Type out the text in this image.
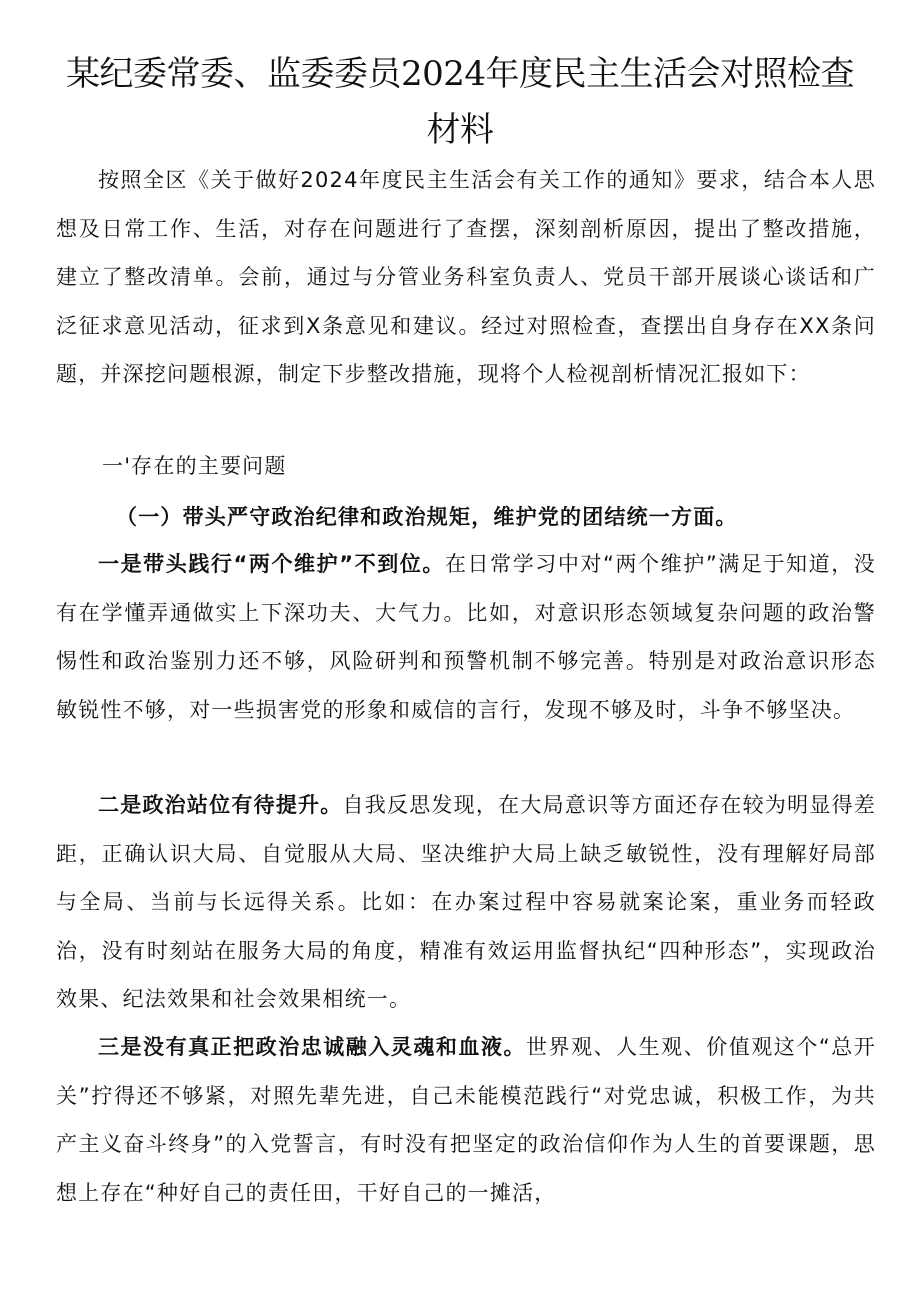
某纪委常委、监委委员2024年度民主生活会对照检查材料

按照全区《关于做好2024年度民主生活会有关工作的通知》要求，结合本人思想及日常工作、生活，对存在问题进行了查摆，深刻剖析原因，提出了整改措施，建立了整改清单。会前，通过与分管业务科室负责人、党员干部开展谈心谈话和广泛征求意见活动，征求到X条意见和建议。经过对照检查，查摆出自身存在XX条问题，并深挖问题根源，制定下步整改措施，现将个人检视剖析情况汇报如下：

一'存在的主要问题

（一）带头严守政治纪律和政治规矩，维护党的团结统一方面。

一是带头践行“两个维护”不到位。在日常学习中对“两个维护”满足于知道，没有在学懂弄通做实上下深功夫、大气力。比如，对意识形态领域复杂问题的政治警惕性和政治鉴别力还不够，风险研判和预警机制不够完善。特别是对政治意识形态敏锐性不够，对一些损害党的形象和威信的言行，发现不够及时，斗争不够坚决。

二是政治站位有待提升。自我反思发现，在大局意识等方面还存在较为明显得差距，正确认识大局、自觉服从大局、坚决维护大局上缺乏敏锐性，没有理解好局部与全局、当前与长远得关系。比如：在办案过程中容易就案论案，重业务而轻政治，没有时刻站在服务大局的角度，精准有效运用监督执纪“四种形态”，实现政治效果、纪法效果和社会效果相统一。

三是没有真正把政治忠诚融入灵魂和血液。世界观、人生观、价值观这个“总开关”拧得还不够紧，对照先辈先进，自己未能模范践行“对党忠诚，积极工作，为共产主义奋斗终身”的入党誓言，有时没有把坚定的政治信仰作为人生的首要课题，思想上存在“种好自己的责任田，干好自己的一摊活，
